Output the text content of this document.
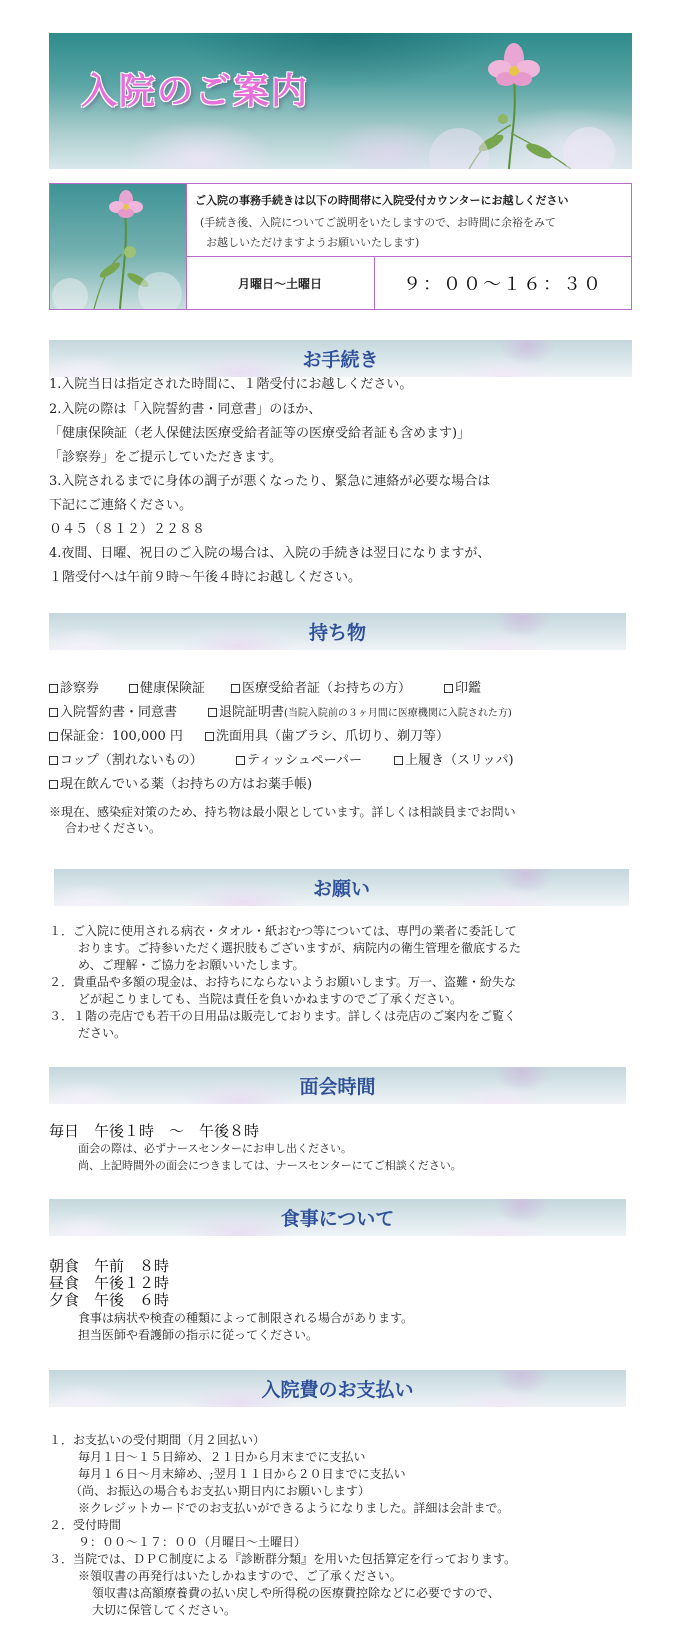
入院のご案内
ご入院の事務手続きは以下の時間帯に入院受付カウンターにお越しください
(手続き後、入院についてご説明をいたしますので、お時間に余裕をみて
お越しいただけますようお願いいたします)
月曜日～土曜日	９：００～１６：３０
お手続き
1.入院当日は指定された時間に、１階受付にお越しください。
2.入院の際は「入院誓約書・同意書」のほか、
「健康保険証（老人保健法医療受給者証等の医療受給者証も含めます)」
「診察券」をご提示していただきます。
3.入院されるまでに身体の調子が悪くなったり、緊急に連絡が必要な場合は
下記にご連絡ください。
０４５（８１２）２２８８
4.夜間、日曜、祝日のご入院の場合は、入院の手続きは翌日になりますが、
１階受付へは午前９時～午後４時にお越しください。
持ち物
診察券	健康保険証	医療受給者証（お持ちの方）	印鑑
入院誓約書・同意書	退院証明書(当院入院前の３ヶ月間に医療機関に入院された方)
保証金：100,000 円	洗面用具（歯ブラシ、爪切り、剃刀等）
コップ（割れないもの）	ティッシュペーパー	上履き（スリッパ)
現在飲んでいる薬（お持ちの方はお薬手帳)
※現在、感染症対策のため、持ち物は最小限としています。詳しくは相談員までお問い
合わせください。
お願い
１．ご入院に使用される病衣・タオル・紙おむつ等については、専門の業者に委託して
おります。ご持参いただく選択肢もございますが、病院内の衛生管理を徹底するた
め、ご理解・ご協力をお願いいたします。
２．貴重品や多額の現金は、お持ちにならないようお願いします。万一、盗難・紛失な
どが起こりましても、当院は責任を負いかねますのでご了承ください。
３．１階の売店でも若干の日用品は販売しております。詳しくは売店のご案内をご覧く
ださい。
面会時間
毎日　午後１時　～　午後８時
面会の際は、必ずナースセンターにお申し出ください。
尚、上記時間外の面会につきましては、ナースセンターにてご相談ください。
食事について
朝食　午前　８時
昼食　午後１２時
夕食　午後　６時
食事は病状や検査の種類によって制限される場合があります。
担当医師や看護師の指示に従ってください。
入院費のお支払い
１．お支払いの受付期間（月２回払い）
毎月１日～１５日締め、２１日から月末までに支払い
毎月１６日～月末締め、;翌月１１日から２０日までに支払い
（尚、お振込の場合もお支払い期日内にお願いします）
※クレジットカードでのお支払いができるようになりました。詳細は会計まで。
２．受付時間
９：００～１７：００（月曜日～土曜日）
３．当院では、ＤＰＣ制度による『診断群分類』を用いた包括算定を行っております。
※領収書の再発行はいたしかねますので、ご了承ください。
領収書は高額療養費の払い戻しや所得税の医療費控除などに必要ですので、
大切に保管してください。
